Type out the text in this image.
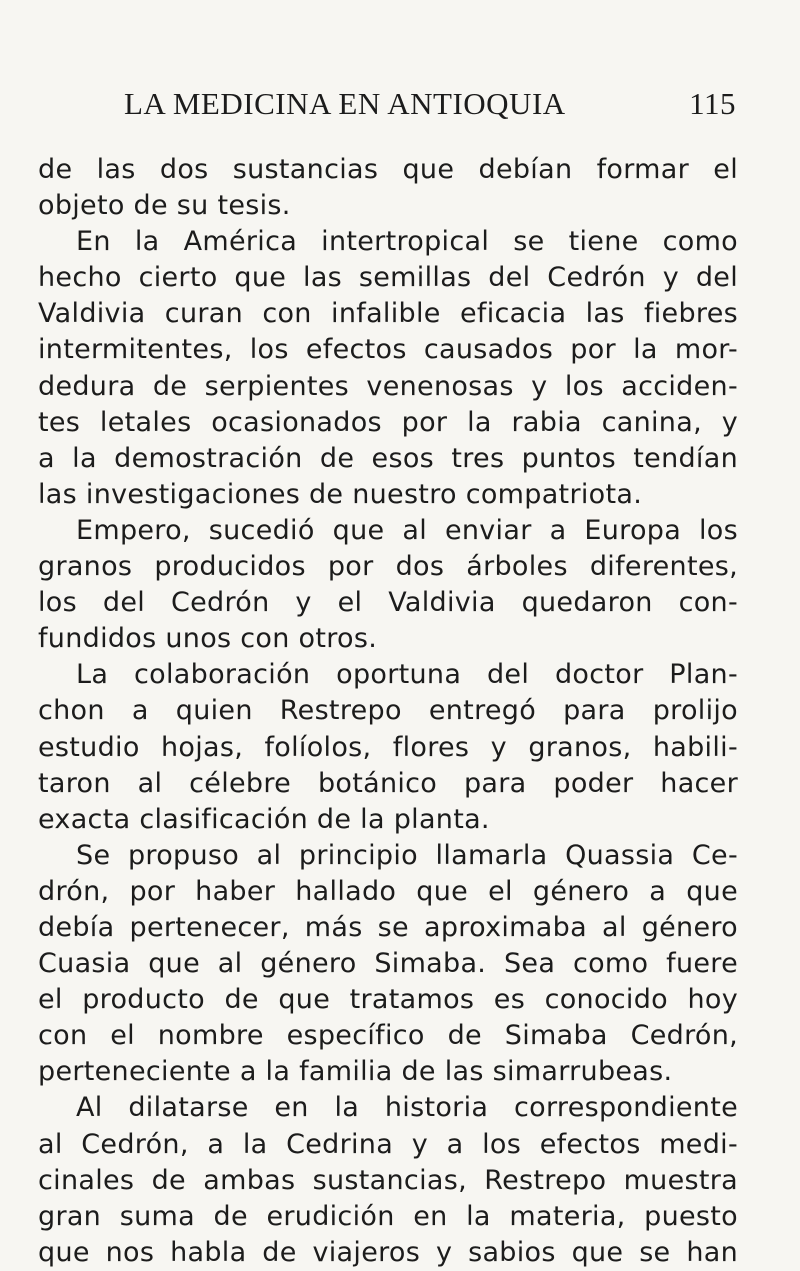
LA MEDICINA EN ANTIOQUIA	115
de las dos sustancias que debían formar el
objeto de su tesis.
En la América intertropical se tiene como
hecho cierto que las semillas del Cedrón y del
Valdivia curan con infalible eficacia las fiebres
intermitentes, los efectos causados por la mor-
dedura de serpientes venenosas y los acciden-
tes letales ocasionados por la rabia canina, y
a la demostración de esos tres puntos tendían
las investigaciones de nuestro compatriota.
Empero, sucedió que al enviar a Europa los
granos producidos por dos árboles diferentes,
los del Cedrón y el Valdivia quedaron con-
fundidos unos con otros.
La colaboración oportuna del doctor Plan-
chon a quien Restrepo entregó para prolijo
estudio hojas, folíolos, flores y granos, habili-
taron al célebre botánico para poder hacer
exacta clasificación de la planta.
Se propuso al principio llamarla Quassia Ce-
drón, por haber hallado que el género a que
debía pertenecer, más se aproximaba al género
Cuasia que al género Simaba. Sea como fuere
el producto de que tratamos es conocido hoy
con el nombre específico de Simaba Cedrón,
perteneciente a la familia de las simarrubeas.
Al dilatarse en la historia correspondiente
al Cedrón, a la Cedrina y a los efectos medi-
cinales de ambas sustancias, Restrepo muestra
gran suma de erudición en la materia, puesto
que nos habla de viajeros y sabios que se han
